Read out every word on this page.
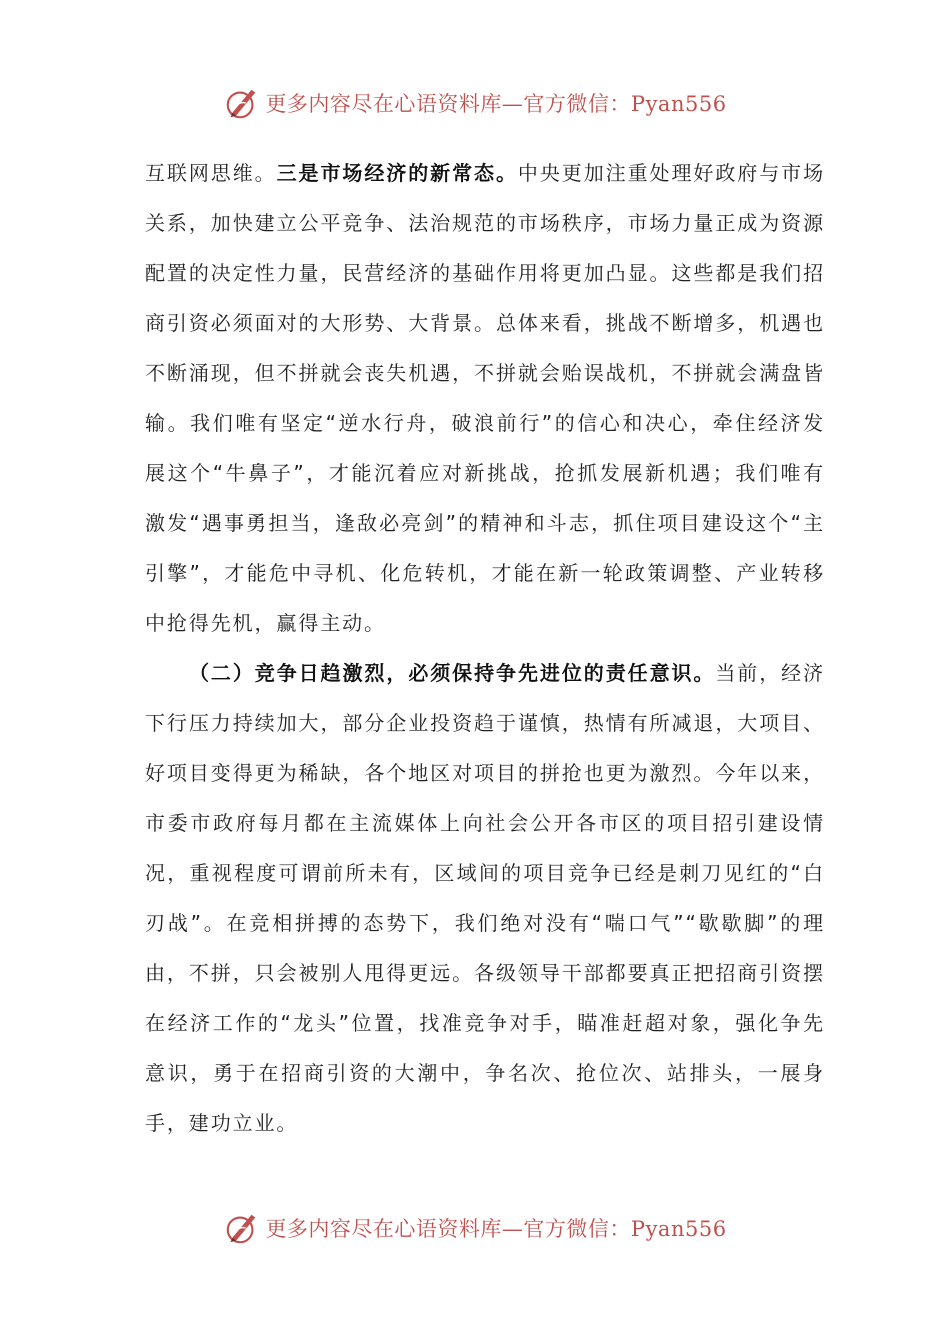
更多内容尽在心语资料库—官方微信：Pyan556

互联网思维。三是市场经济的新常态。中央更加注重处理好政府与市场关系，加快建立公平竞争、法治规范的市场秩序，市场力量正成为资源配置的决定性力量，民营经济的基础作用将更加凸显。这些都是我们招商引资必须面对的大形势、大背景。总体来看，挑战不断增多，机遇也不断涌现，但不拼就会丧失机遇，不拼就会贻误战机，不拼就会满盘皆输。我们唯有坚定“逆水行舟，破浪前行”的信心和决心，牵住经济发展这个“牛鼻子”，才能沉着应对新挑战，抢抓发展新机遇；我们唯有激发“遇事勇担当，逢敌必亮剑”的精神和斗志，抓住项目建设这个“主引擎”，才能危中寻机、化危转机，才能在新一轮政策调整、产业转移中抢得先机，赢得主动。

（二）竞争日趋激烈，必须保持争先进位的责任意识。当前，经济下行压力持续加大，部分企业投资趋于谨慎，热情有所减退，大项目、好项目变得更为稀缺，各个地区对项目的拼抢也更为激烈。今年以来，市委市政府每月都在主流媒体上向社会公开各市区的项目招引建设情况，重视程度可谓前所未有，区域间的项目竞争已经是刺刀见红的“白刃战”。在竞相拼搏的态势下，我们绝对没有“喘口气”“歇歇脚”的理由，不拼，只会被别人甩得更远。各级领导干部都要真正把招商引资摆在经济工作的“龙头”位置，找准竞争对手，瞄准赶超对象，强化争先意识，勇于在招商引资的大潮中，争名次、抢位次、站排头，一展身手，建功立业。

更多内容尽在心语资料库—官方微信：Pyan556
